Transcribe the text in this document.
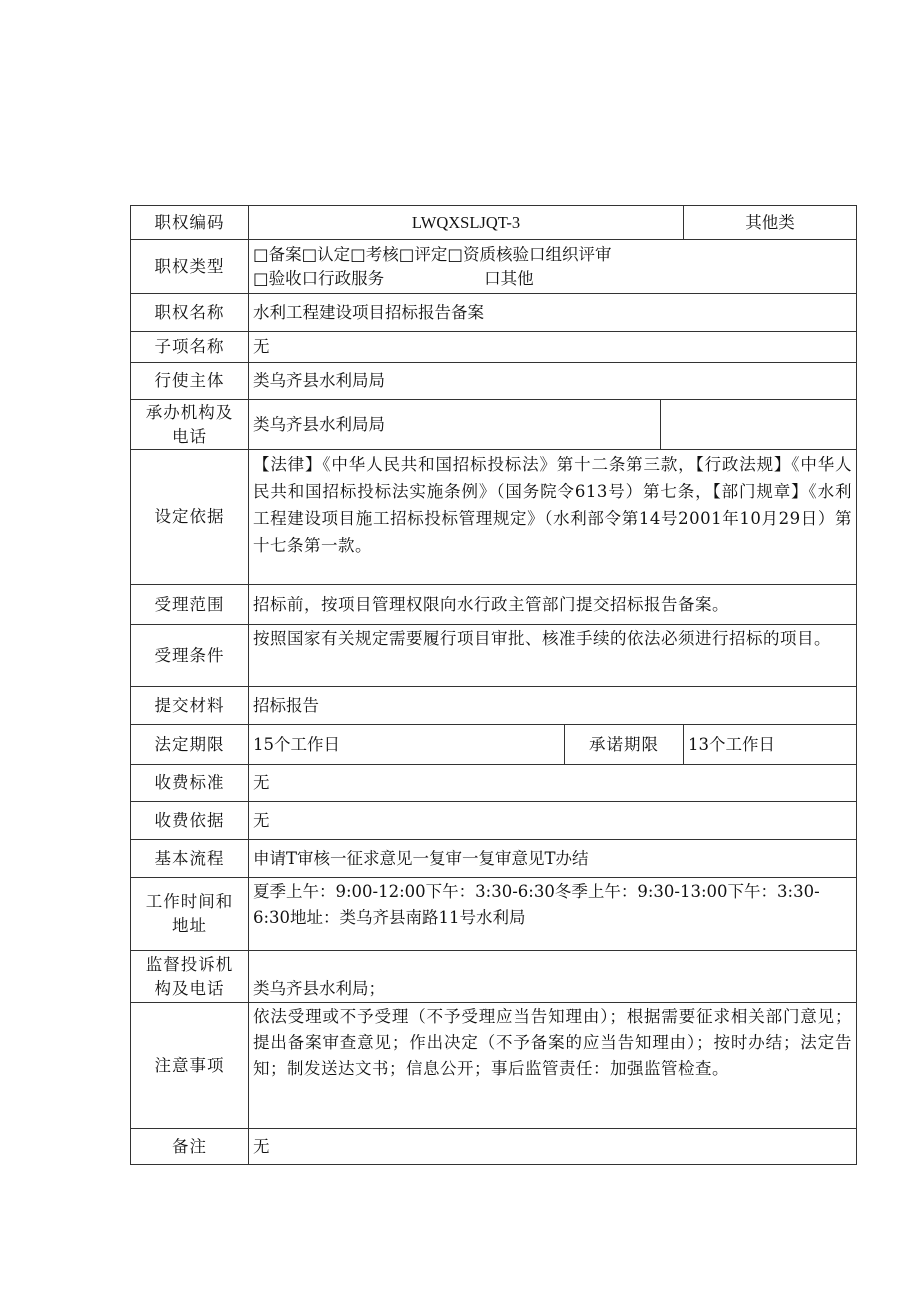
职权编码	LWQXSLJQT-3			其他类
职权类型	□备案□认定□考核□评定□资质核验口组织评审
□验收口行政服务 口其他			

职权名称	水利工程建设项目招标报告备案			
子项名称	无			
行使主体	类乌齐县水利局局			

承办机构及
电话	类乌齐县水利局局			
设定依据	【法律】《中华人民共和国招标投标法》第十二条第三款，【行政法规】《中华人民共和国招标投标法实施条例》（国务院令613号）第七条，【部门规章】《水利工程建设项目施工招标投标管理规定》（水利部令第14号2001年10月29日）第十七条第一款。			

受理范围	招标前，按项目管理权限向水行政主管部门提交招标报告备案。			
受理条件	按照国家有关规定需要履行项目审批、核准手续的依法必须进行招标的项目。			
提交材料	招标报告			
法定期限	15个工作日	承诺期限		13个工作日
收费标准	无			
收费依据	无			
基本流程	申请T审核一征求意见一复审一复审意见T办结			

工作时间和
地址	夏季上午：9:00-12:00下午：3:30-6:30冬季上午：9:30-13:00下午：3:30-6:30地址：类乌齐县南路11号水利局			

监督投诉机
构及电话	类乌齐县水利局；			
注意事项	依法受理或不予受理（不予受理应当告知理由）；根据需要征求相关部门意见；提出备案审查意见；作出决定（不予备案的应当告知理由）；按时办结；法定告知；制发送达文书；信息公开；事后监管责任：加强监管检查。			

备注	无			
